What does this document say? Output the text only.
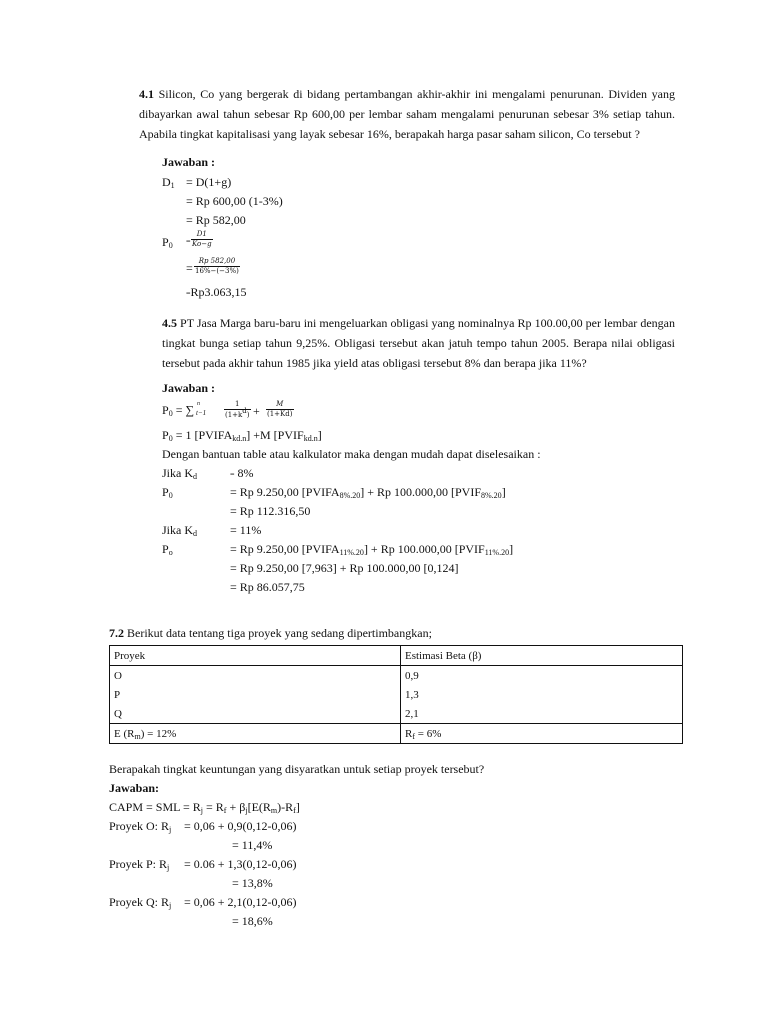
4.1 Silicon, Co yang bergerak di bidang pertambangan akhir-akhir ini mengalami penurunan. Dividen yang dibayarkan awal tahun sebesar Rp 600,00 per lembar saham mengalami penurunan sebesar 3% setiap tahun. Apabila tingkat kapitalisasi yang layak sebesar 16%, berapakah harga pasar saham silicon, Co tersebut ?
Jawaban :
$D_1 = D(1+g)$
= Rp 600,00 (1-3%)
= Rp 582,00
$P_0 = \frac{D1}{Ko-g}$
= $\frac{Rp 582,00}{16\%-(-3\%)}$
=Rp3.063,15
4.5 PT Jasa Marga baru-baru ini mengeluarkan obligasi yang nominalnya Rp 100.00,00 per lembar dengan tingkat bunga setiap tahun 9,25%. Obligasi tersebut akan jatuh tempo tahun 2005. Berapa nilai obligasi tersebut pada akhir tahun 1985 jika yield atas obligasi tersebut 8% dan berapa jika 11%?
Jawaban :
$P_0$ = ∑ n
t−1	$\frac{1}{(1+k^d)} + \frac{M}{(1+Kd)}$
$P_0 = 1$ $[PVIFA_{kd.n}] +M$ $[PVIF_{kd.n}]$
Dengan bantuan table atau kalkulator maka dengan mudah dapat diselesaikan :
Jika $K_d$	= 8%
$P_0$	= Rp 9.250,00 $[PVIFA_{8\%.20}] + Rp$ 100.000,00 $[PVIF_{8\%.20}]$
= Rp 112.316,50
Jika $K_d$	= 11%
$P_o$	= Rp 9.250,00 $[PVIFA_{11\%.20}] + Rp$ 100.000,00 $[PVIF_{11\%.20}]$
= Rp 9.250,00 [7,963] + Rp 100.000,00 [0,124]
= Rp 86.057,75
7.2 Berikut data tentang tiga proyek yang sedang dipertimbangkan;
Proyek	Estimasi Beta (β)
O	0,9
P	1,3
Q	2,1
E $(R_m) = 12\%$	$R_f = 6\%$
Berapakah tingkat keuntungan yang disyaratkan untuk setiap proyek tersebut?
Jawaban:
CAPM = SML = $R_j = R_f + \beta_j[E(R_m)-R_f]$
Proyek O: $R_j = 0,06 + 0,9(0,12-0,06)$
= 11,4%
Proyek P: $R_j = 0.06 + 1,3(0,12-0,06)$
= 13,8%
Proyek Q: $R_j = 0,06 + 2,1(0,12-0,06)$
= 18,6%
